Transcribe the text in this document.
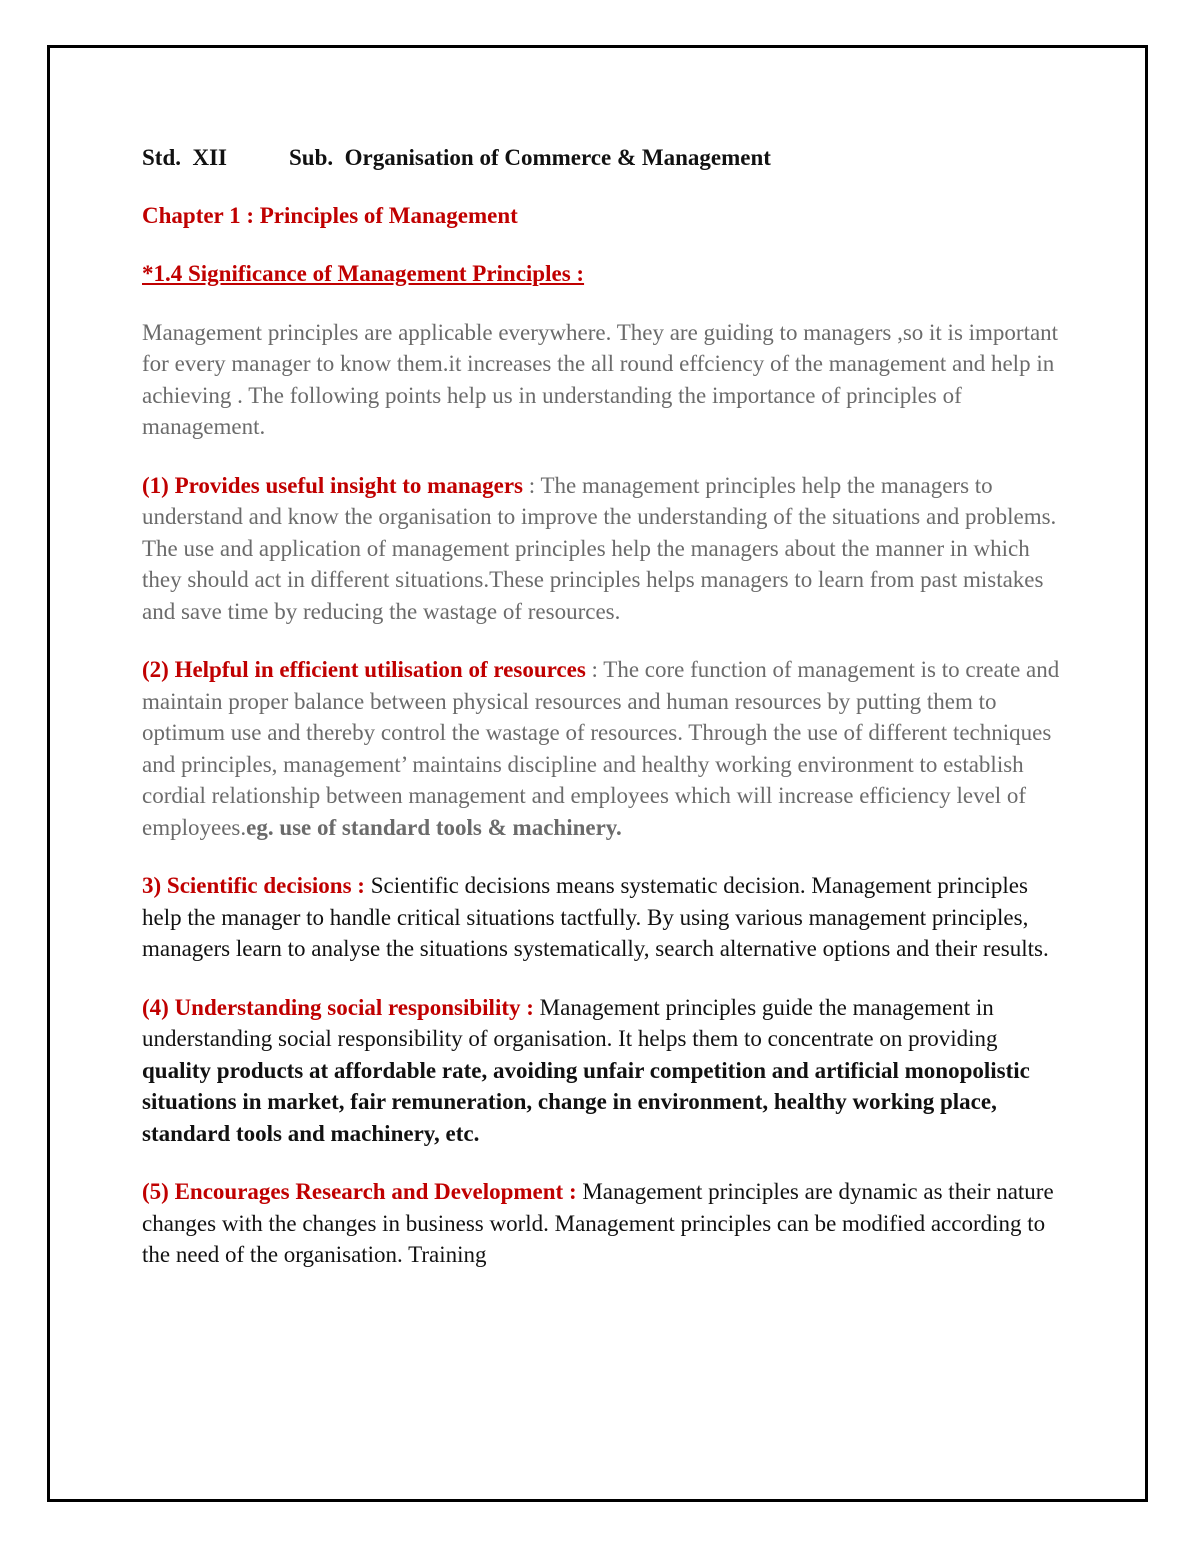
Std.  XII	Sub.  Organisation of Commerce & Management
Chapter 1 : Principles of Management
*1.4 Significance of Management Principles :

Management principles are applicable everywhere. They are guiding to managers ,so it is important for every manager to know them.it increases the all round effciency of the management and help in achieving . The following points help us in understanding the importance of principles of management.

(1) Provides useful insight to managers : The management principles help the managers to understand and know the organisation to improve the understanding of the situations and problems. The use and application of management principles help the managers about the manner in which they should act in different situations.These principles helps managers to learn from past mistakes and save time by reducing the wastage of resources.

(2) Helpful in efficient utilisation of resources : The core function of management is to create and maintain proper balance between physical resources and human resources by putting them to optimum use and thereby control the wastage of resources. Through the use of different techniques and principles, management’ maintains discipline and healthy working environment to establish cordial relationship between management and employees which will increase efficiency level of employees.eg. use of standard tools & machinery.

3) Scientific decisions : Scientific decisions means systematic decision. Management principles help the manager to handle critical situations tactfully. By using various management principles, managers learn to analyse the situations systematically, search alternative options and their results.

(4) Understanding social responsibility : Management principles guide the management in understanding social responsibility of organisation. It helps them to concentrate on providing quality products at affordable rate, avoiding unfair competition and artificial monopolistic situations in market, fair remuneration, change in environment, healthy working place, standard tools and machinery, etc.

(5) Encourages Research and Development : Management principles are dynamic as their nature changes with the changes in business world. Management principles can be modified according to the need of the organisation. Training
